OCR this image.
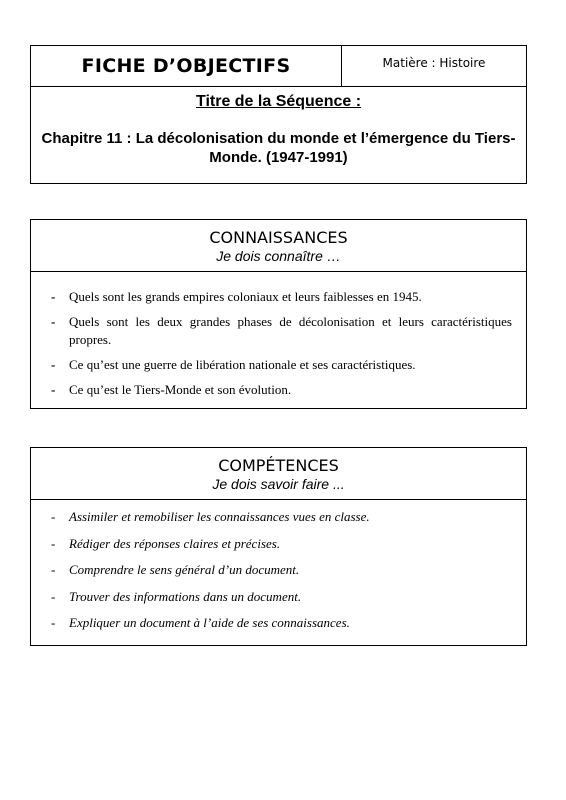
FICHE D’OBJECTIFS	Matière : Histoire
Titre de la Séquence :
Chapitre 11 : La décolonisation du monde et l’émergence du Tiers-Monde. (1947-1991)
CONNAISSANCES
Je dois connaître …
- Quels sont les grands empires coloniaux et leurs faiblesses en 1945.
- Quels sont les deux grandes phases de décolonisation et leurs caractéristiques propres.
- Ce qu’est une guerre de libération nationale et ses caractéristiques.
- Ce qu’est le Tiers-Monde et son évolution.
COMPÉTENCES
Je dois savoir faire ...
- Assimiler et remobiliser les connaissances vues en classe.
- Rédiger des réponses claires et précises.
- Comprendre le sens général d’un document.
- Trouver des informations dans un document.
- Expliquer un document à l’aide de ses connaissances.
